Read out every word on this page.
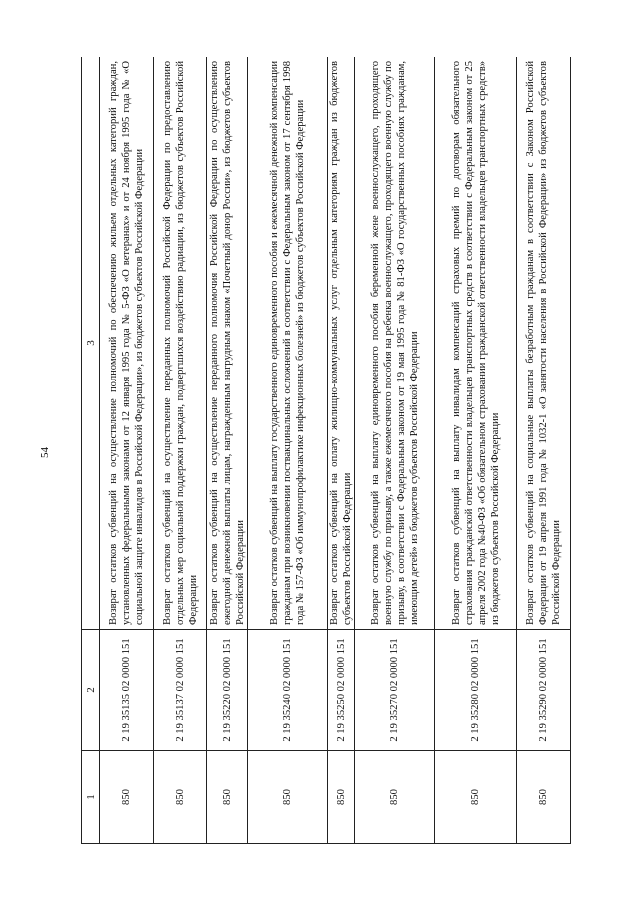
54
1	2	3
850	2 19 35135 02 0000 151	Возврат остатков субвенций на осуществление полномочий по обеспечению жильем отдельных категорий граждан, установленных федеральными законами от 12 января 1995 года № 5-ФЗ «О ветеранах» и от 24 ноября 1995 года № «О социальной защите инвалидов в Российской Федерации», из бюджетов субъектов Российской Федерации
850	2 19 35137 02 0000 151	Возврат остатков субвенций на осуществление переданных полномочий Российской Федерации по предоставлению отдельных мер социальной поддержки граждан, подвергшихся воздействию радиации, из бюджетов субъектов Российской Федерации
850	2 19 35220 02 0000 151	Возврат остатков субвенций на осуществление переданного полномочия Российской Федерации по осуществлению ежегодной денежной выплаты лицам, награжденным нагрудным знаком «Почетный донор России», из бюджетов субъектов Российской Федерации
850	2 19 35240 02 0000 151	Возврат остатков субвенций на выплату государственного единовременного пособия и ежемесячной денежной компенсации гражданам при возникновении поствакцинальных осложнений в соответствии с Федеральным законом от 17 сентября 1998 года № 157-ФЗ «Об иммунопрофилактике инфекционных болезней» из бюджетов субъектов Российской Федерации
850	2 19 35250 02 0000 151	Возврат остатков субвенций на оплату жилищно-коммунальных услуг отдельным категориям граждан из бюджетов субъектов Российской Федерации
850	2 19 35270 02 0000 151	Возврат остатков субвенций на выплату единовременного пособия беременной жене военнослужащего, проходящего военную службу по призыву, а также ежемесячного пособия на ребенка военнослужащего, проходящего военную службу по призыву, в соответствии с Федеральным законом от 19 мая 1995 года № 81-ФЗ «О государственных пособиях гражданам, имеющим детей» из бюджетов субъектов Российской Федерации
850	2 19 35280 02 0000 151	Возврат остатков субвенций на выплату инвалидам компенсаций страховых премий по договорам обязательного страхования гражданской ответственности владельцев транспортных средств в соответствии с Федеральным законом от 25 апреля 2002 года №40-ФЗ «Об обязательном страховании гражданской ответственности владельцев транспортных средств» из бюджетов субъектов Российской Федерации
850	2 19 35290 02 0000 151	Возврат остатков субвенций на социальные выплаты безработным гражданам в соответствии с Законом Российской Федерации от 19 апреля 1991 года № 1032-1 «О занятости населения в Российской Федерации» из бюджетов субъектов Российской Федерации
